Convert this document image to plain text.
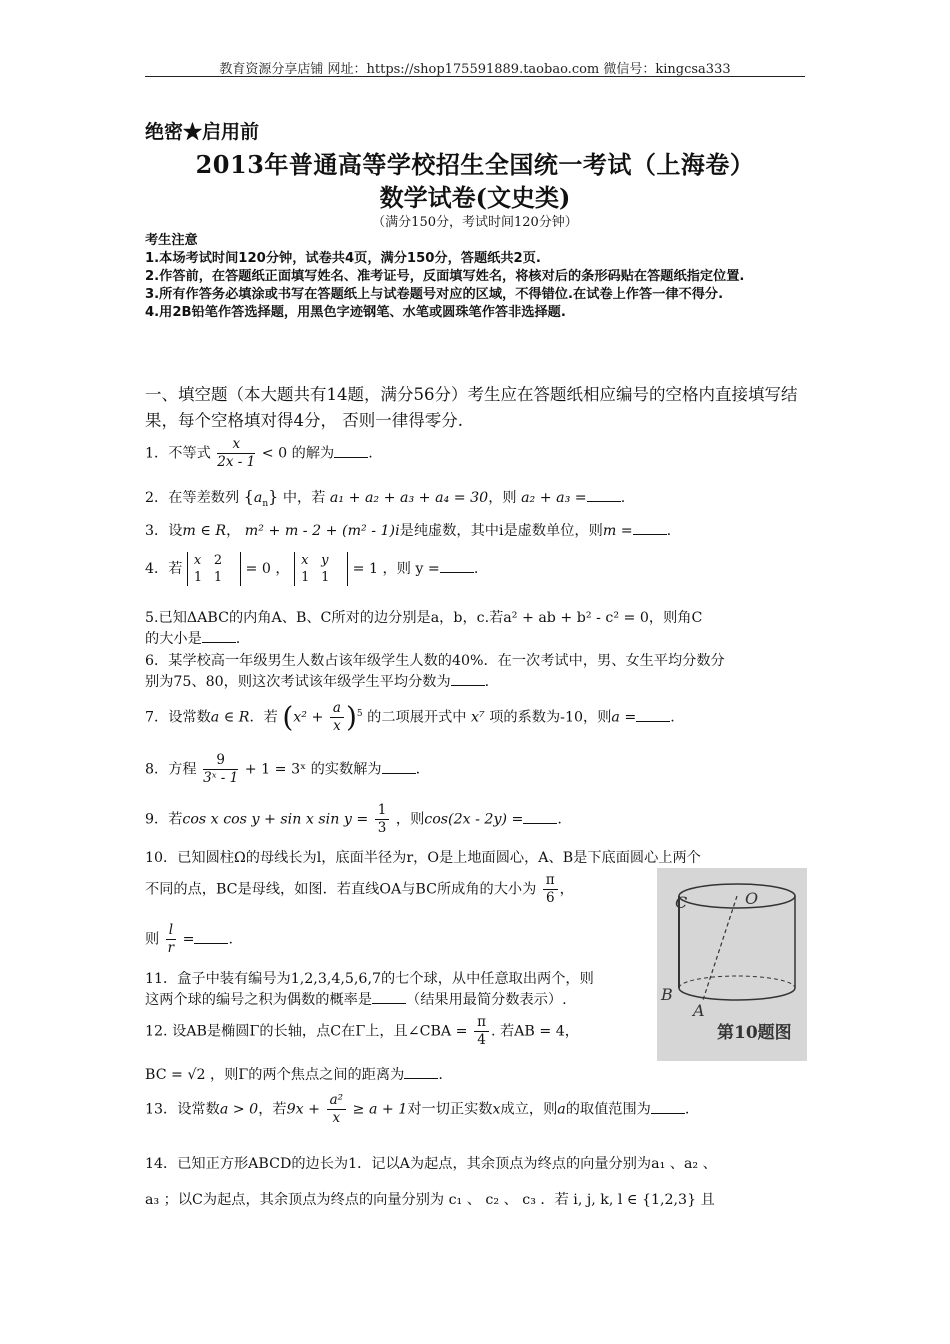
教育资源分享店铺 网址：https://shop175591889.taobao.com 微信号：kingcsa333
绝密★启用前
2013年普通高等学校招生全国统一考试（上海卷）
数学试卷(文史类)
（满分150分，考试时间120分钟）
考生注意
1.本场考试时间120分钟，试卷共4页，满分150分，答题纸共2页.
2.作答前，在答题纸正面填写姓名、准考证号，反面填写姓名，将核对后的条形码贴在答题纸指定位置.
3.所有作答务必填涂或书写在答题纸上与试卷题号对应的区域，不得错位.在试卷上作答一律不得分.
4.用2B铅笔作答选择题，用黑色字迹钢笔、水笔或圆珠笔作答非选择题.
一、填空题（本大题共有14题，满分56分）考生应在答题纸相应编号的空格内直接填写结果，每个空格填对得4分， 否则一律得零分.
1．不等式 $\frac{x}{2x - 1} < 0$ 的解为 .
2．在等差数列 $\{a_n\}$ 中，若 a₁ + a₂ + a₃ + a₄ = 30，则 a₂ + a₃ = .
3．设m ∈ R， m² + m - 2 + (m² - 1)i是纯虚数，其中i是虚数单位，则m = .
4．若 x 2
1 1 = 0 ， x y
1 1 = 1 ，则 y = .
5.已知ΔABC的内角A、B、C所对的边分别是a，b，c.若a² + ab + b² - c² = 0，则角C
的大小是 .
6．某学校高一年级男生人数占该年级学生人数的40%．在一次考试中，男、女生平均分数分
别为75、80，则这次考试该年级学生平均分数为 .
7．设常数a ∈ R．若 $(x^2 + \frac{a}{x} )^5$ 的二项展开式中 x⁷ 项的系数为-10，则a = .
8．方程 $\frac{9}{\text{3ˣ - 1}} + 1$ = 3ˣ 的实数解为 .
9．若cos x cos y + sin x $\sin y = \frac{1}{3}$ ，则cos(2x - 2y) = .
10．已知圆柱Ω的母线长为l，底面半径为r，O是上地面圆心，A、B是下底面圆心上两个
不同的点，BC是母线，如图．若直线OA与BC所成角的大小为 $\frac{\pi}{6}$ ，
则 $\frac{l}{r}$ = .
11．盒子中装有编号为1,2,3,4,5,6,7的七个球，从中任意取出两个，则
这两个球的编号之积为偶数的概率是 （结果用最简分数表示）.
12. 设AB是椭圆Γ的长轴，点C在Γ上，且∠CBA = $\frac{\pi}{4}$ . 若AB = 4，
BC = √2 ，则Γ的两个焦点之间的距离为 .
13．设常数a > 0，若$9x + \frac{\text{a²}}{x} \ge a + 1$对一切正实数x成立，则a的取值范围为 .
14．已知正方形ABCD的边长为1．记以A为起点，其余顶点为终点的向量分别为a₁ 、a₂ 、
a₃ ；以C为起点，其余顶点为终点的向量分别为 c₁ 、 c₂ 、 c₃ ．若 i, j, k, l ∈ {1,2,3} 且
C	O
B
A
第10题图
